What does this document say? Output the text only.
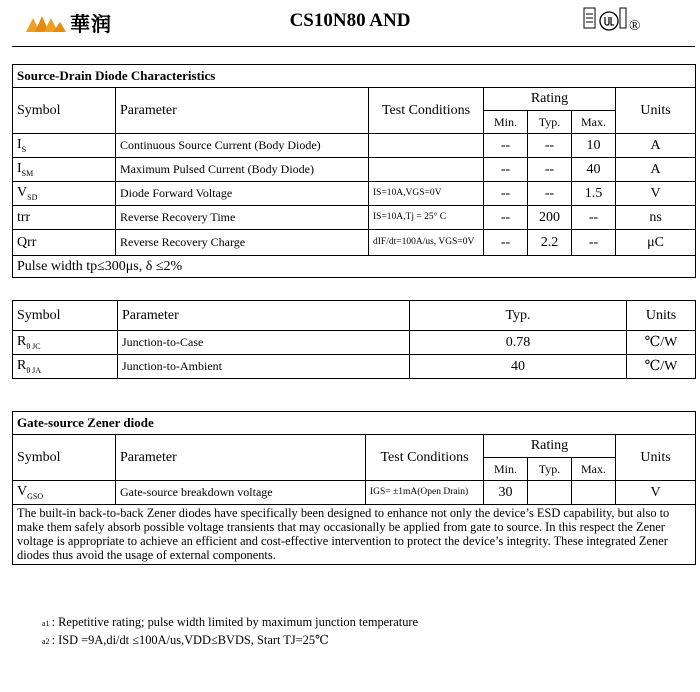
華润	CS10N80 AND	®
Source-Drain Diode Characteristics						
Symbol	Parameter	Test Conditions	Rating			Units
			Min.	Typ.	Max.	
$I_S$	Continuous Source Current (Body Diode)		--	--	10	A
$I_{SM}$	Maximum Pulsed Current (Body Diode)		--	--	40	A
$V_{SD}$	Diode Forward Voltage	IS=10A,VGS=0V	--	--	1.5	V
trr	Reverse Recovery Time	IS=10A,Tj = 25° C	--	200	--	ns
Qrr	Reverse Recovery Charge	dIF/dt=100A/us, VGS=0V	--	2.2	--	μC
Pulse width tp≤300μs, δ ≤2%						
Symbol	Parameter	Typ.	Units
$R_{\theta JC}$	Junction-to-Case	0.78	℃/W
$R_{\theta JA}$	Junction-to-Ambient	40	℃/W
Gate-source Zener diode						
Symbol	Parameter	Test Conditions	Rating			Units
			Min.	Typ.	Max.	
$V_{GSO}$	Gate-source breakdown voltage	IGS= ±1mA(Open Drain)	30			V
The built-in back-to-back Zener diodes have specifically been designed to enhance not only the device’s ESD capability, but also to make them safely absorb possible voltage transients that may occasionally be applied from gate to source. In this respect the Zener voltage is appropriate to achieve an efficient and cost-effective intervention to protect the device’s integrity. These integrated Zener diodes thus avoid the usage of external components.						
a1 : Repetitive rating; pulse width limited by maximum junction temperature
a2 : ISD =9A,di/dt ≤100A/us,VDD≤BVDS, Start TJ=25℃
